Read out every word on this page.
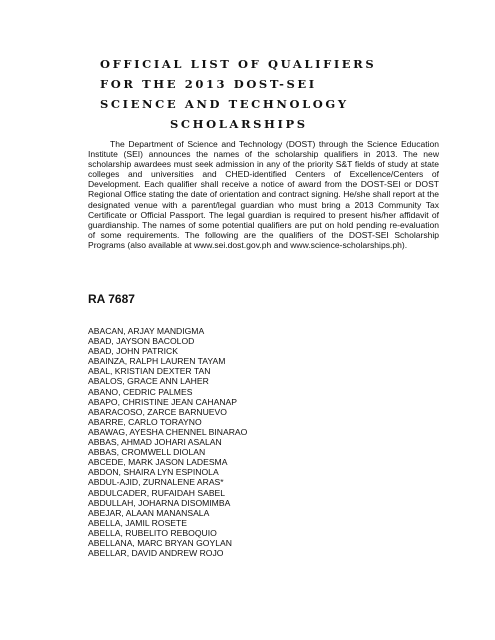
OFFICIAL LIST OF QUALIFIERS
FOR THE 2013 DOST-SEI
SCIENCE AND TECHNOLOGY
SCHOLARSHIPS

The Department of Science and Technology (DOST) through the Science Education Institute (SEI) announces the names of the scholarship qualifiers in 2013. The new scholarship awardees must seek admission in any of the priority S&T fields of study at state colleges and universities and CHED-identified Centers of Excellence/Centers of Development. Each qualifier shall receive a notice of award from the DOST-SEI or DOST Regional Office stating the date of orientation and contract signing. He/she shall report at the designated venue with a parent/legal guardian who must bring a 2013 Community Tax Certificate or Official Passport. The legal guardian is required to present his/her affidavit of guardianship. The names of some potential qualifiers are put on hold pending re-evaluation of some requirements. The following are the qualifiers of the DOST-SEI Scholarship Programs (also available at www.sei.dost.gov.ph and www.science-scholarships.ph).

RA 7687
ABACAN, ARJAY MANDIGMA
ABAD, JAYSON BACOLOD
ABAD, JOHN PATRICK
ABAINZA, RALPH LAUREN TAYAM
ABAL, KRISTIAN DEXTER TAN
ABALOS, GRACE ANN LAHER
ABANO, CEDRIC PALMES
ABAPO, CHRISTINE JEAN CAHANAP
ABARACOSO, ZARCE BARNUEVO
ABARRE, CARLO TORAYNO
ABAWAG, AYESHA CHENNEL BINARAO
ABBAS, AHMAD JOHARI ASALAN
ABBAS, CROMWELL DIOLAN
ABCEDE, MARK JASON LADESMA
ABDON, SHAIRA LYN ESPINOLA
ABDUL-AJID, ZURNALENE ARAS*
ABDULCADER, RUFAIDAH SABEL
ABDULLAH, JOHARNA DISOMIMBA
ABEJAR, ALAAN MANANSALA
ABELLA, JAMIL ROSETE
ABELLA, RUBELITO REBOQUIO
ABELLANA, MARC BRYAN GOYLAN
ABELLAR, DAVID ANDREW ROJO
